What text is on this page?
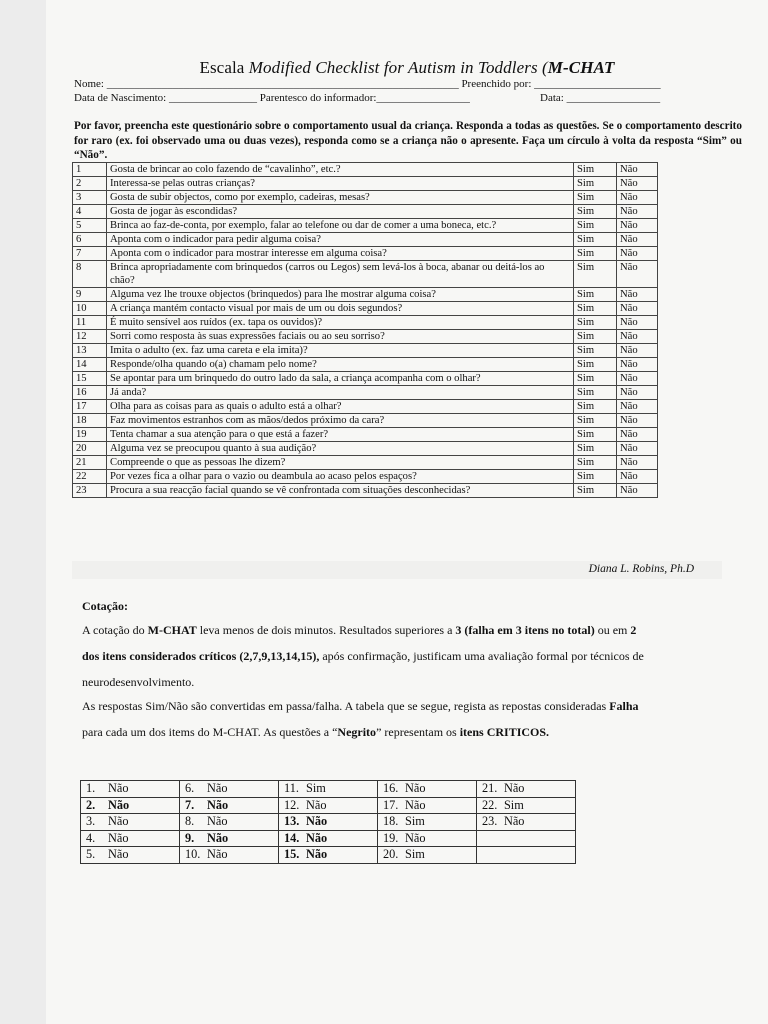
Escala Modified Checklist for Autism in Toddlers (M-CHAT
Nome: ________________________________________________________________ Preenchido por: _______________________
Data de Nascimento: ________________ Parentesco do informador:_________________	Data: _________________
Por favor, preencha este questionário sobre o comportamento usual da criança. Responda a todas as questões. Se o comportamento descrito for raro (ex. foi observado uma ou duas vezes), responda como se a criança não o apresente. Faça um círculo à volta da resposta “Sim” ou “Não”.
1	Gosta de brincar ao colo fazendo de “cavalinho”, etc.?	Sim	Não
2	Interessa-se pelas outras crianças?	Sim	Não
3	Gosta de subir objectos, como por exemplo, cadeiras, mesas?	Sim	Não
4	Gosta de jogar às escondidas?	Sim	Não
5	Brinca ao faz-de-conta, por exemplo, falar ao telefone ou dar de comer a uma boneca, etc.?	Sim	Não
6	Aponta com o indicador para pedir alguma coisa?	Sim	Não
7	Aponta com o indicador para mostrar interesse em alguma coisa?	Sim	Não
8	Brinca apropriadamente com brinquedos (carros ou Legos) sem levá-los à boca, abanar ou deitá-los ao chão?	Sim	Não
9	Alguma vez lhe trouxe objectos (brinquedos) para lhe mostrar alguma coisa?	Sim	Não
10	A criança mantém contacto visual por mais de um ou dois segundos?	Sim	Não
11	É muito sensível aos ruídos (ex. tapa os ouvidos)?	Sim	Não
12	Sorri como resposta às suas expressões faciais ou ao seu sorriso?	Sim	Não
13	Imita o adulto (ex. faz uma careta e ela imita)?	Sim	Não
14	Responde/olha quando o(a) chamam pelo nome?	Sim	Não
15	Se apontar para um brinquedo do outro lado da sala, a criança acompanha com o olhar?	Sim	Não
16	Já anda?	Sim	Não
17	Olha para as coisas para as quais o adulto está a olhar?	Sim	Não
18	Faz movimentos estranhos com as mãos/dedos próximo da cara?	Sim	Não
19	Tenta chamar a sua atenção para o que está a fazer?	Sim	Não
20	Alguma vez se preocupou quanto à sua audição?	Sim	Não
21	Compreende o que as pessoas lhe dizem?	Sim	Não
22	Por vezes fica a olhar para o vazio ou deambula ao acaso pelos espaços?	Sim	Não
23	Procura a sua reacção facial quando se vê confrontada com situações desconhecidas?	Sim	Não
Diana L. Robins, Ph.D
Cotação:
A cotação do M-CHAT leva menos de dois minutos. Resultados superiores a 3 (falha em 3 itens no total) ou em 2 dos itens considerados críticos (2,7,9,13,14,15), após confirmação, justificam uma avaliação formal por técnicos de neurodesenvolvimento.
As respostas Sim/Não são convertidas em passa/falha. A tabela que se segue, regista as repostas consideradas Falha para cada um dos items do M-CHAT. As questões a “Negrito” representam os itens CRITICOS.
1. Não	6. Não	11. Sim	16. Não	21. Não
2. Não	7. Não	12. Não	17. Não	22. Sim
3. Não	8. Não	13. Não	18. Sim	23. Não
4. Não	9. Não	14. Não	19. Não	
5. Não	10. Não	15. Não	20. Sim	
